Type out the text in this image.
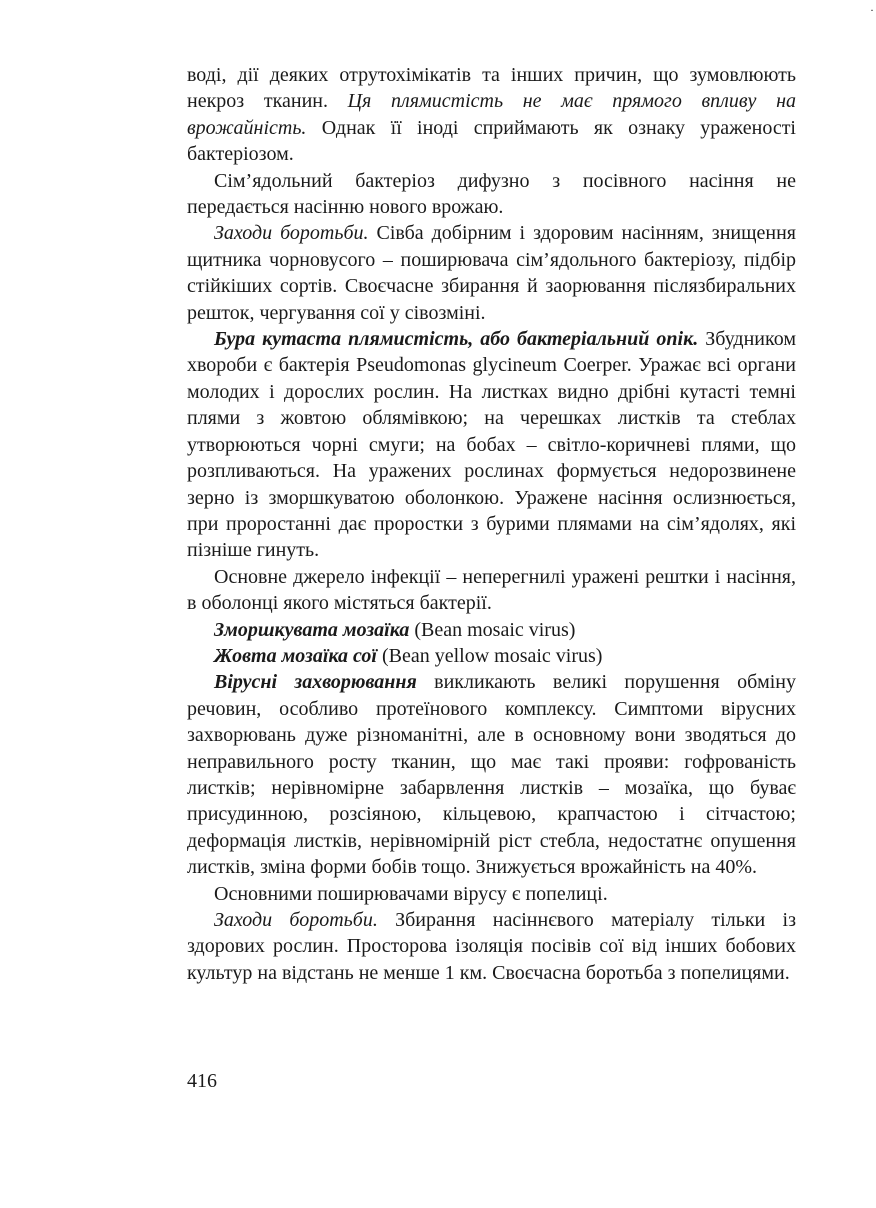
·

воді, дії деяких отрутохімікатів та інших причин, що зумовлюють некроз тканин. Ця плямистість не має прямого впливу на врожайність. Однак її іноді сприймають як ознаку ураженості бактеріозом.

Сім’ядольний бактеріоз дифузно з посівного насіння не передається насінню нового врожаю.

Заходи боротьби. Сівба добірним і здоровим насінням, знищення щитника чорновусого – поширювача сім’ядольного бактеріозу, підбір стійкіших сортів. Своєчасне збирання й заорювання післязбиральних решток, чергування сої у сівозміні.

Бура кутаста плямистість, або бактеріальний опік. Збудником хвороби є бактерія Pseudomonas glycineum Coerper. Уражає всі органи молодих і дорослих рослин. На листках видно дрібні кутасті темні плями з жовтою облямівкою; на черешках листків та стеблах утворюються чорні смуги; на бобах – світло-коричневі плями, що розпливаються. На уражених рослинах формується недорозвинене зерно із зморшкуватою оболонкою. Уражене насіння ослизнюється, при проростанні дає проростки з бурими плямами на сім’ядолях, які пізніше гинуть.

Основне джерело інфекції – неперегнилі уражені рештки і насіння, в оболонці якого містяться бактерії.

Зморшкувата мозаїка (Bean mosaic virus)

Жовта мозаїка сої (Bean yellow mosaic virus)

Вірусні захворювання викликають великі порушення обміну речовин, особливо протеїнового комплексу. Симптоми вірусних захворювань дуже різноманітні, але в основному вони зводяться до неправильного росту тканин, що має такі прояви: гофрованість листків; нерівномірне забарвлення листків – мозаїка, що буває присудинною, розсіяною, кільцевою, крапчастою і сітчастою; деформація листків, нерівномірній ріст стебла, недостатнє опушення листків, зміна форми бобів тощо. Знижується врожайність на 40%.

Основними поширювачами вірусу є попелиці.

Заходи боротьби. Збирання насіннєвого матеріалу тільки із здорових рослин. Просторова ізоляція посівів сої від інших бобових культур на відстань не менше 1 км. Своєчасна боротьба з попелицями.

416
